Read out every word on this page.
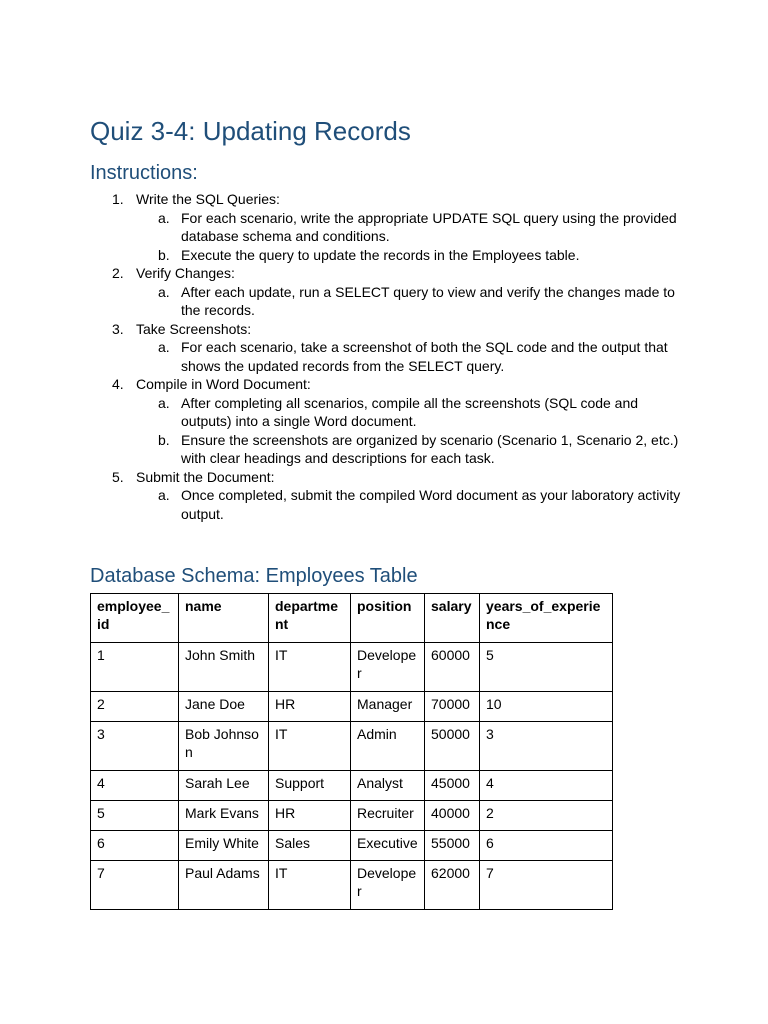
Quiz 3-4: Updating Records
Instructions:
1. Write the SQL Queries:
a. For each scenario, write the appropriate UPDATE SQL query using the provided database schema and conditions.
b. Execute the query to update the records in the Employees table.
2. Verify Changes:
a. After each update, run a SELECT query to view and verify the changes made to the records.
3. Take Screenshots:
a. For each scenario, take a screenshot of both the SQL code and the output that shows the updated records from the SELECT query.
4. Compile in Word Document:
a. After completing all scenarios, compile all the screenshots (SQL code and outputs) into a single Word document.
b. Ensure the screenshots are organized by scenario (Scenario 1, Scenario 2, etc.) with clear headings and descriptions for each task.
5. Submit the Document:
a. Once completed, submit the compiled Word document as your laboratory activity output.
Database Schema: Employees Table
employee_id	name	department	position	salary	years_of_experience
1	John Smith	IT	Developer	60000	5
2	Jane Doe	HR	Manager	70000	10
3	Bob Johnson	IT	Admin	50000	3
4	Sarah Lee	Support	Analyst	45000	4
5	Mark Evans	HR	Recruiter	40000	2
6	Emily White	Sales	Executive	55000	6
7	Paul Adams	IT	Developer	62000	7
